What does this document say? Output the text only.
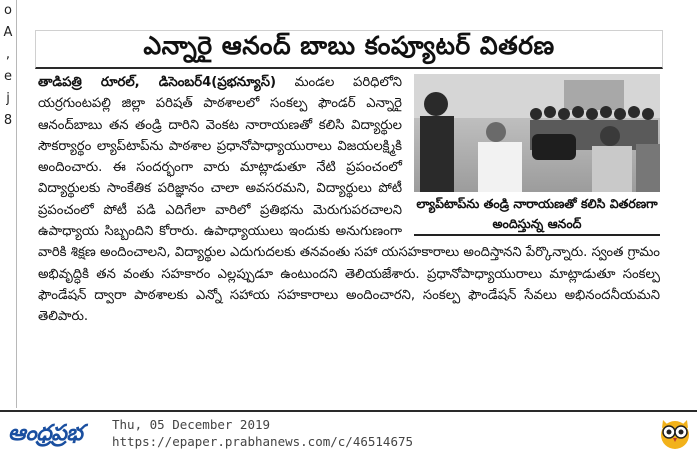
o
A
,
e
j
8
ఎన్నారై ఆనంద్ బాబు కంప్యూటర్ వితరణ
ల్యాప్‌టాప్‌ను తండ్రి నారాయణతో కలిసి వితరణగా అందిస్తున్న ఆనంద్
తాడిపత్రి రూరల్, డిసెంబర్4(ప్రభన్యూస్) మండల పరిధిలోని యర్రగుంటపల్లి జిల్లా పరిషత్ పాఠశాలలో సంకల్ప ఫౌండర్ ఎన్నారై ఆనంద్‌బాబు తన తండ్రి దారిని వెంకట నారాయణతో కలిసి విద్యార్థుల సౌకర్యార్థం ల్యాప్‌టాప్‌ను పాఠశాల ప్రధానోపాధ్యాయురాలు విజయలక్ష్మికి అందించారు. ఈ సందర్భంగా వారు మాట్లాడుతూ నేటి ప్రపంచంలో విద్యార్థులకు సాంకేతిక పరిజ్ఞానం చాలా అవసరమని, విద్యార్థులు పోటీ ప్రపంచంలో పోటీ పడి ఎదిగేలా వారిలో ప్రతిభను మెరుగుపరచాలని ఉపాధ్యాయ సిబ్బందిని కోరారు. ఉపాధ్యాయులు ఇందుకు అనుగుణంగా వారికి శిక్షణ అందించాలని, విద్యార్థుల ఎదుగుదలకు తనవంతు సహా యసహకారాలు అందిస్తానని పేర్కొన్నారు. స్వంత గ్రామం అభివృద్ధికి తన వంతు సహకారం ఎల్లప్పుడూ ఉంటుందని తెలియజేశారు. ప్రధానోపాధ్యాయురాలు మాట్లాడుతూ సంకల్ప ఫౌండేషన్ ద్వారా పాఠశాలకు ఎన్నో సహాయ సహకారాలు అందించారని, సంకల్ప ఫౌండేషన్ సేవలు అభినందనీయమని తెలిపారు.
ఆంధ్రప్రభ Thu, 05 December 2019
https://epaper.prabhanews.com/c/46514675
